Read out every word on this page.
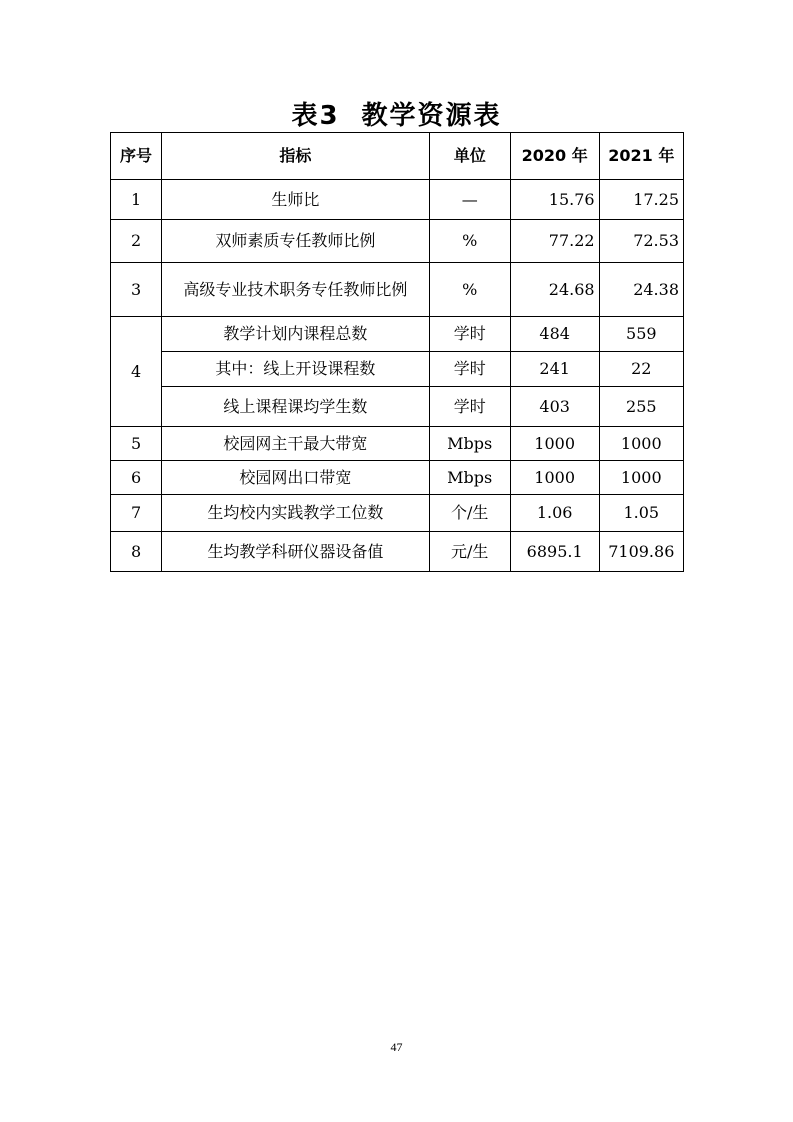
表3 教学资源表
序号	指标	单位	2020 年	2021 年
1	生师比	—	15.76	17.25
2	双师素质专任教师比例	%	77.22	72.53
3	高级专业技术职务专任教师比例	%	24.68	24.38
4	教学计划内课程总数	学时	484	559
	其中：线上开设课程数	学时	241	22
	线上课程课均学生数	学时	403	255
5	校园网主干最大带宽	Mbps	1000	1000
6	校园网出口带宽	Mbps	1000	1000
7	生均校内实践教学工位数	个/生	1.06	1.05
8	生均教学科研仪器设备值	元/生	6895.1	7109.86
47
